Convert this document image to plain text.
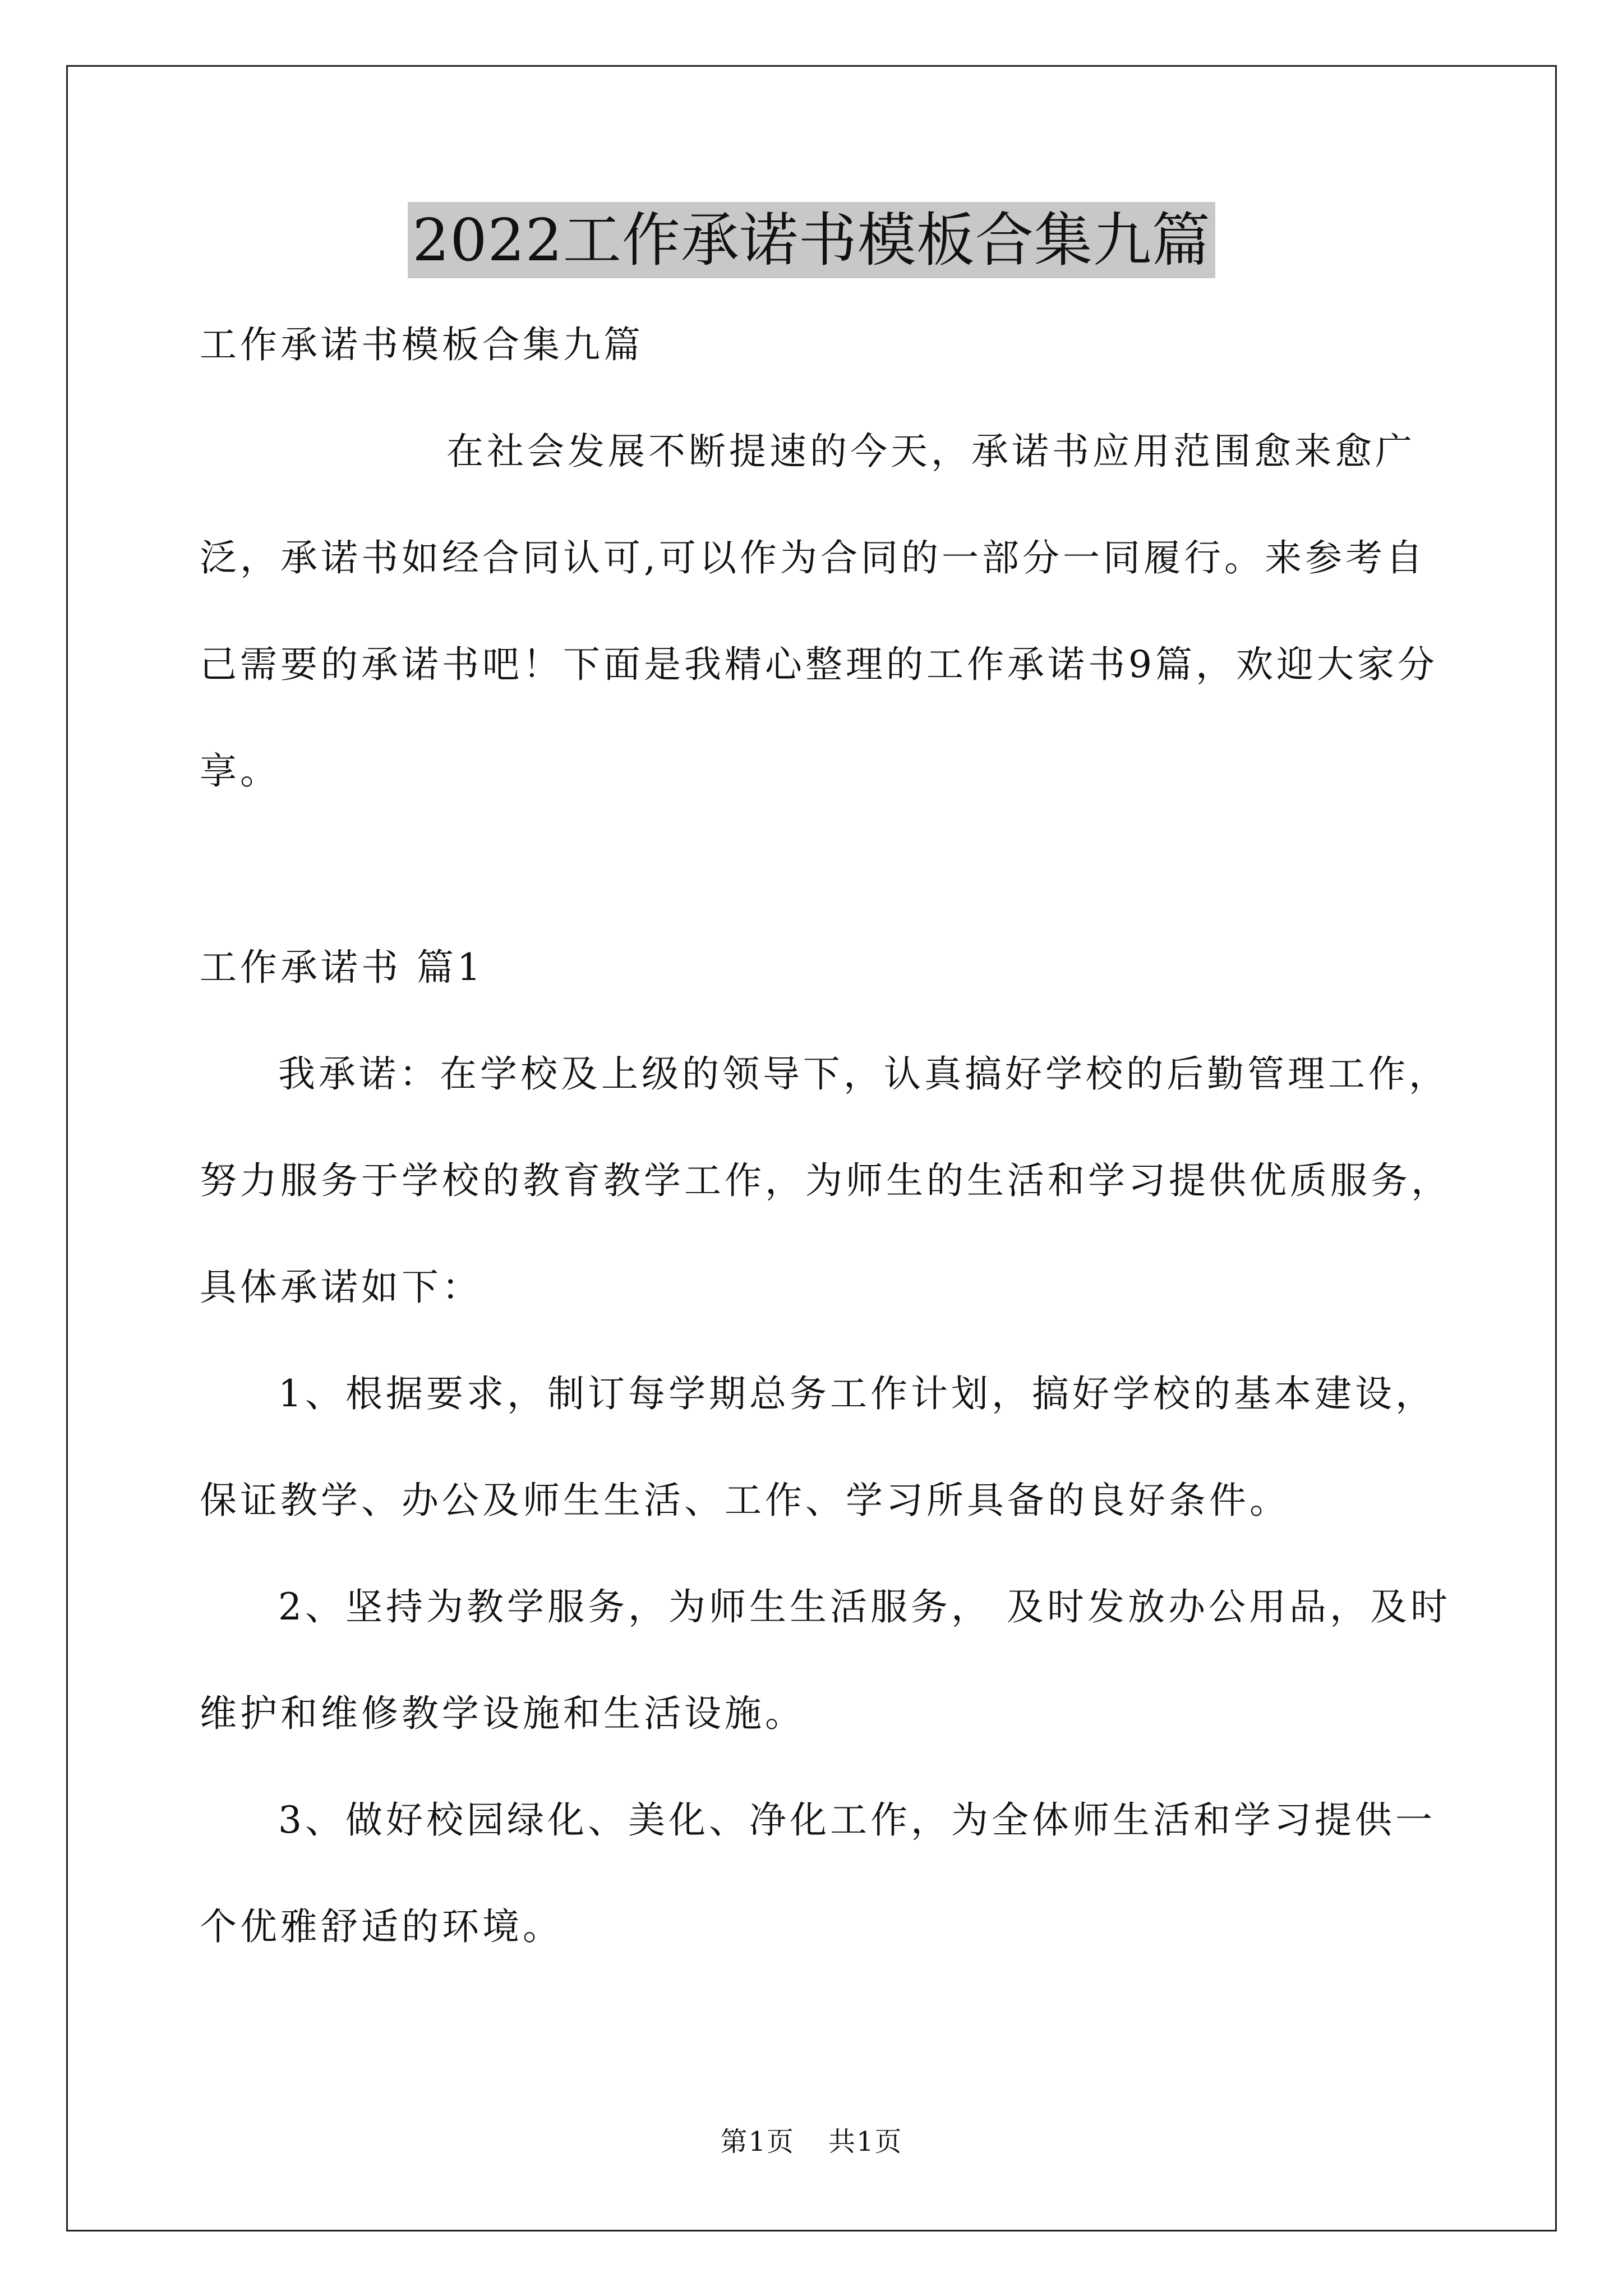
2022工作承诺书模板合集九篇

工作承诺书模板合集九篇

在社会发展不断提速的今天，承诺书应用范围愈来愈广泛，承诺书如经合同认可,可以作为合同的一部分一同履行。来参考自己需要的承诺书吧！下面是我精心整理的工作承诺书9篇，欢迎大家分享。

工作承诺书 篇1

我承诺：在学校及上级的领导下，认真搞好学校的后勤管理工作，努力服务于学校的教育教学工作，为师生的生活和学习提供优质服务，具体承诺如下：

1、根据要求，制订每学期总务工作计划，搞好学校的基本建设，保证教学、办公及师生生活、工作、学习所具备的良好条件。

2、坚持为教学服务，为师生生活服务， 及时发放办公用品，及时维护和维修教学设施和生活设施。

3、做好校园绿化、美化、净化工作，为全体师生活和学习提供一个优雅舒适的环境。

第1页 共1页
